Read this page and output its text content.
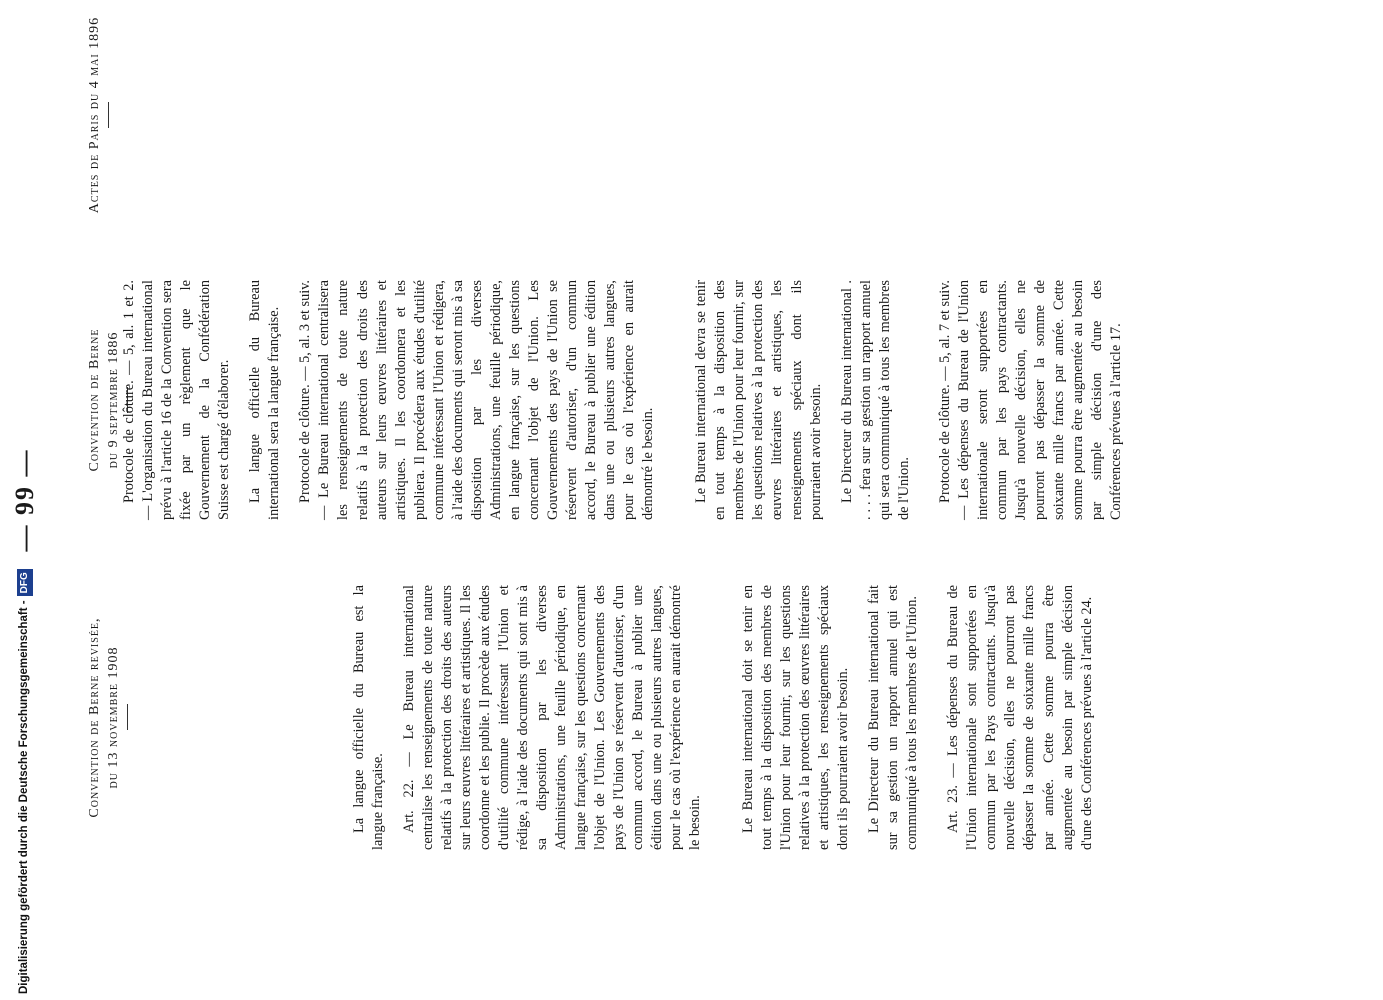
— 99 —
Convention de Berne revisée, du 13 novembre 1908
Convention de Berne du 9 septembre 1886
Actes de Paris du 4 mai 1896

La langue officielle du Bureau est la langue française. Art. 22. — Le Bureau international centralise les renseignements de toute nature relatifs à la protection des droits des auteurs sur leurs œuvres littéraires et artistiques. Il les coordonne et les publie. Il procède aux études d'utilité commune intéressant l'Union et rédige, à l'aide des documents qui sont mis à sa disposition par les diverses Administrations, une feuille périodique, en langue française, sur les questions concernant l'objet de l'Union. Les Gouvernements des pays de l'Union se réservent d'autoriser, d'un commun accord, le Bureau à publier une édition dans une ou plusieurs autres langues, pour le cas où l'expérience en aurait démontré le besoin.	Le Bureau international doit se tenir en tout temps à la disposition des membres de l'Union pour leur fournir, sur les questions relatives à la protection des œuvres littéraires et artistiques, les renseignements spéciaux dont ils pourraient avoir besoin. Le Directeur du Bureau international fait sur sa gestion un rapport annuel qui est communiqué à tous les membres de l'Union. Art. 23. — Les dépenses du Bureau de l'Union internationale sont supportées en commun par les Pays contractants. Jusqu'à nouvelle décision, elles ne pourront pas dépasser la somme de soixante mille francs par année. Cette somme pourra être augmentée au besoin par simple décision d'une des Conférences prévues à l'article 24.

Protocole de clôture. — 5, al. 1 et 2. — L'organisation du Bureau international prévu à l'article 16 de la Convention sera fixée par un règlement que le Gouvernement de la Confédération Suisse est chargé d'élaborer. La langue officielle du Bureau international sera la langue française. Protocole de clôture. — 5, al. 3 et suiv. — Le Bureau international centralisera les renseignements de toute nature relatifs à la protection des droits des auteurs sur leurs œuvres littéraires et artistiques. Il les coordonnera et les publiera. Il procédera aux études d'utilité commune intéressant l'Union et rédigera, à l'aide des documents qui seront mis à sa disposition par les diverses Administrations, une feuille périodique, en langue française, sur les questions concernant l'objet de l'Union. Les Gouvernements des pays de l'Union se réservent d'autoriser, d'un commun accord, le Bureau à publier une édition dans une ou plusieurs autres langues, pour le cas où l'expérience en aurait démontré le besoin.	Le Bureau international devra se tenir en tout temps à la disposition des membres de l'Union pour leur fournir, sur les questions relatives à la protection des œuvres littéraires et artistiques, les renseignements spéciaux dont ils pourraient avoir besoin. Le Directeur du Bureau international . . . . . fera sur sa gestion un rapport annuel qui sera communiqué à tous les membres de l'Union. Protocole de clôture. — 5, al. 7 et suiv. — Les dépenses du Bureau de l'Union internationale seront supportées en commun par les pays contractants. Jusqu'à nouvelle décision, elles ne pourront pas dépasser la somme de soixante mille francs par année. Cette somme pourra être augmentée au besoin par simple décision d'une des Conférences prévues à l'article 17.

Digitalisierung gefördert durch die Deutsche Forschungsgemeinschaft -DFG
